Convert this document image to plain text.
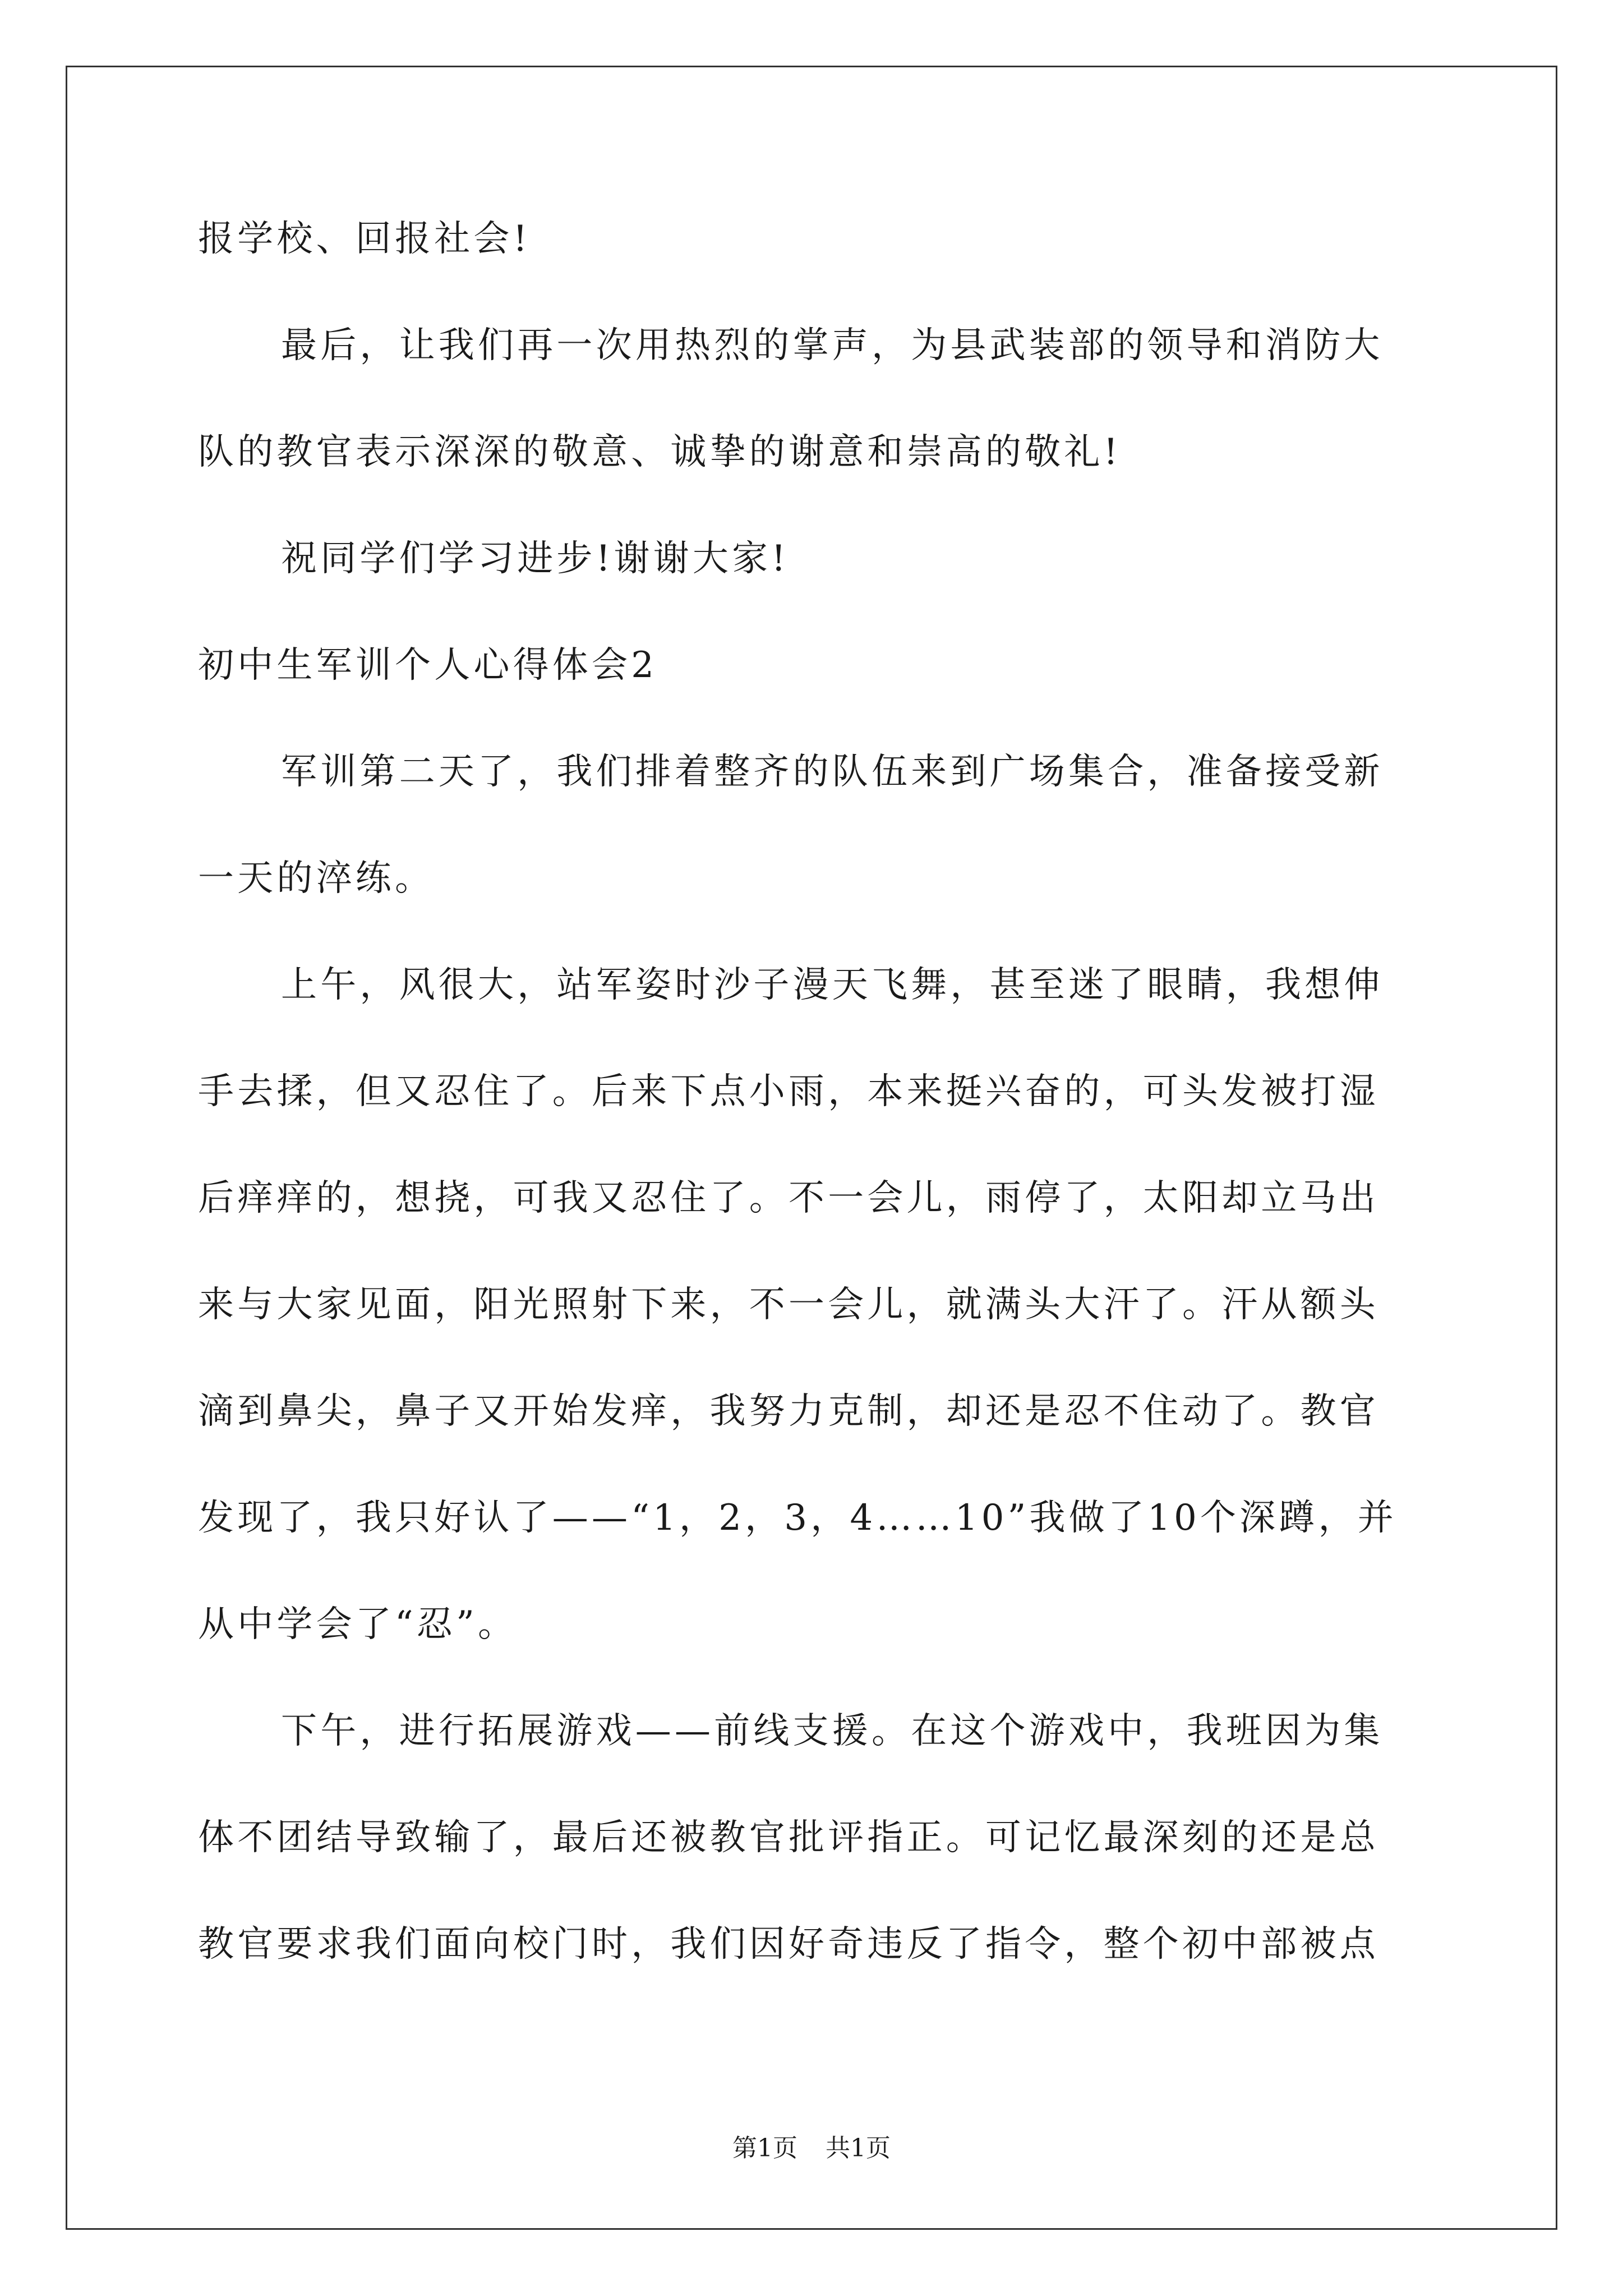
报学校、回报社会!

最后，让我们再一次用热烈的掌声，为县武装部的领导和消防大

队的教官表示深深的敬意、诚挚的谢意和崇高的敬礼!

祝同学们学习进步!谢谢大家!

初中生军训个人心得体会2

军训第二天了，我们排着整齐的队伍来到广场集合，准备接受新

一天的淬练。

上午，风很大，站军姿时沙子漫天飞舞，甚至迷了眼睛，我想伸

手去揉，但又忍住了。后来下点小雨，本来挺兴奋的，可头发被打湿

后痒痒的，想挠，可我又忍住了。不一会儿，雨停了，太阳却立马出

来与大家见面，阳光照射下来，不一会儿，就满头大汗了。汗从额头

滴到鼻尖，鼻子又开始发痒，我努力克制，却还是忍不住动了。教官

发现了，我只好认了——“1，2，3，4……10”我做了10个深蹲，并

从中学会了“忍”。

下午，进行拓展游戏——前线支援。在这个游戏中，我班因为集

体不团结导致输了，最后还被教官批评指正。可记忆最深刻的还是总

教官要求我们面向校门时，我们因好奇违反了指令，整个初中部被点

第1页 共1页
